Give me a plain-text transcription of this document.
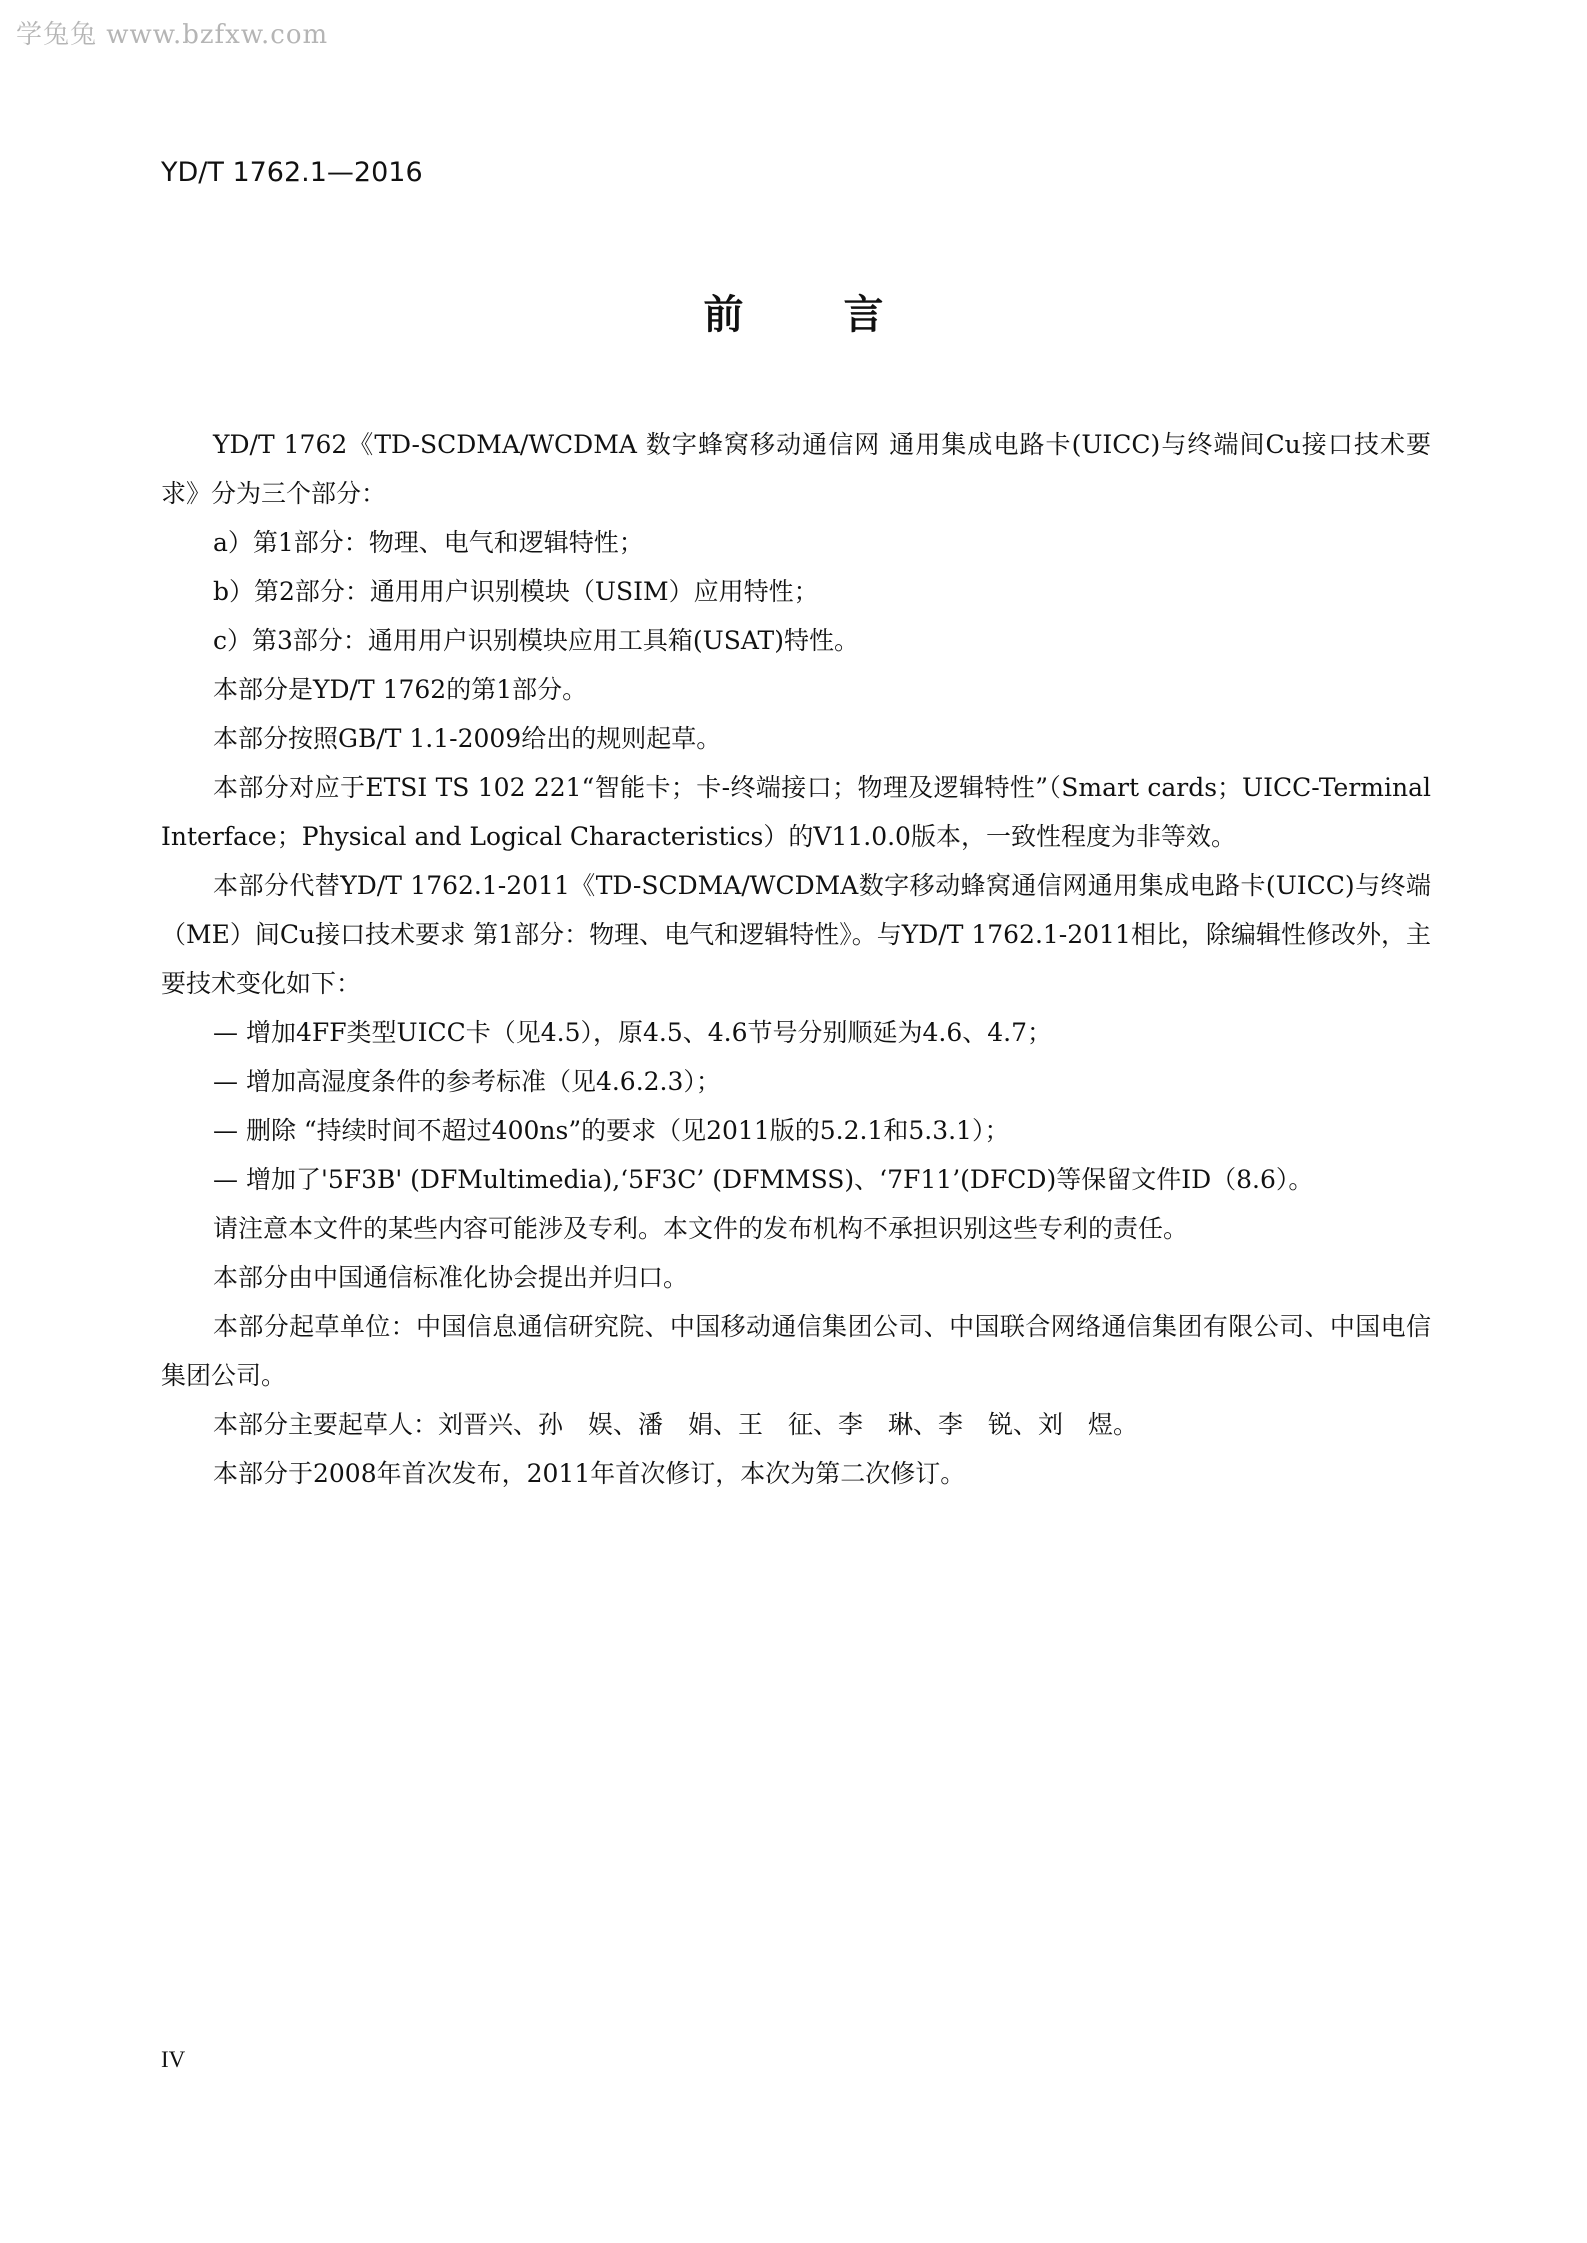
学兔兔 www.bzfxw.com
YD/T 1762.1—2016
前言

YD/T 1762《TD-SCDMA/WCDMA 数字蜂窝移动通信网 通用集成电路卡(UICC)与终端间Cu接口技术要求》分为三个部分：

a）第1部分：物理、电气和逻辑特性；

b）第2部分：通用用户识别模块（USIM）应用特性；

c）第3部分：通用用户识别模块应用工具箱(USAT)特性。

本部分是YD/T 1762的第1部分。

本部分按照GB/T 1.1-2009给出的规则起草。

本部分对应于ETSI TS 102 221“智能卡；卡-终端接口；物理及逻辑特性”（Smart cards；UICC-Terminal Interface；Physical and Logical Characteristics）的V11.0.0版本，一致性程度为非等效。

本部分代替YD/T 1762.1-2011《TD-SCDMA/WCDMA数字移动蜂窝通信网通用集成电路卡(UICC)与终端（ME）间Cu接口技术要求 第1部分：物理、电气和逻辑特性》。与YD/T 1762.1-2011相比，除编辑性修改外，主要技术变化如下：

— 增加4FF类型UICC卡（见4.5），原4.5、4.6节号分别顺延为4.6、4.7；

— 增加高湿度条件的参考标准（见4.6.2.3）；

— 删除 “持续时间不超过400ns”的要求（见2011版的5.2.1和5.3.1）；

— 增加了'5F3B' (DFMultimedia),‘5F3C’ (DFMMSS)、‘7F11’(DFCD)等保留文件ID（8.6）。

请注意本文件的某些内容可能涉及专利。本文件的发布机构不承担识别这些专利的责任。

本部分由中国通信标准化协会提出并归口。

本部分起草单位：中国信息通信研究院、中国移动通信集团公司、中国联合网络通信集团有限公司、中国电信集团公司。

本部分主要起草人：刘晋兴、孙　娱、潘　娟、王　征、李　琳、李　锐、刘　煜。

本部分于2008年首次发布，2011年首次修订，本次为第二次修订。

IV
